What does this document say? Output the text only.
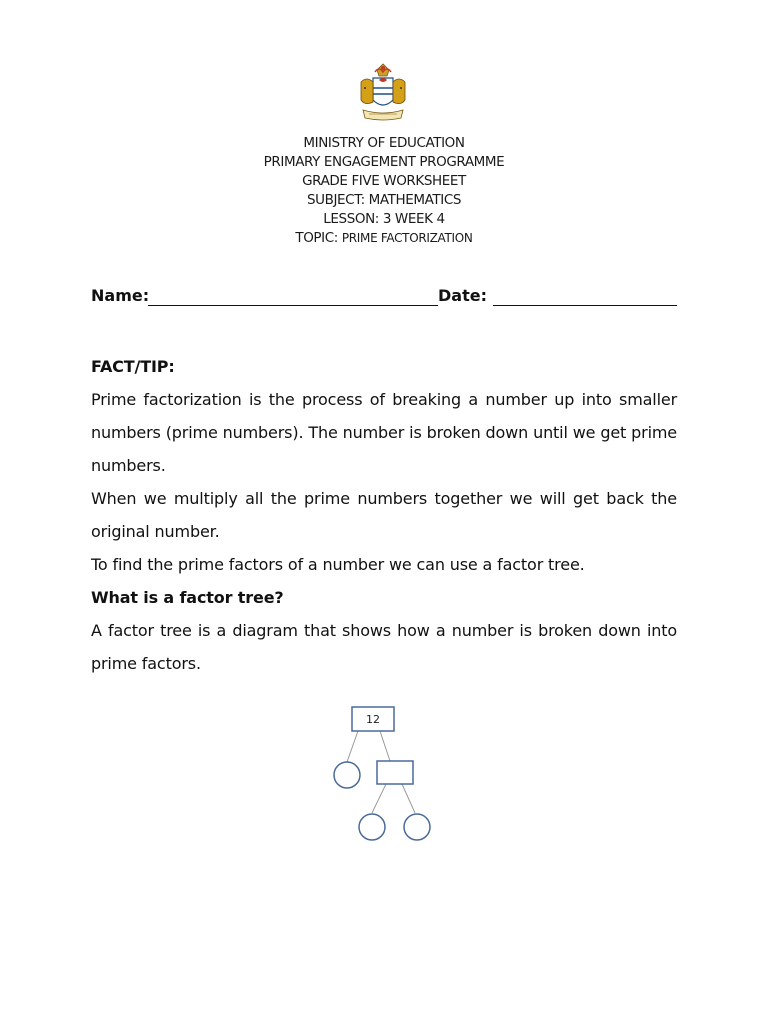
MINISTRY OF EDUCATION
PRIMARY ENGAGEMENT PROGRAMME
GRADE FIVE WORKSHEET
SUBJECT: MATHEMATICS
LESSON: 3 WEEK 4
TOPIC: PRIME FACTORIZATION
Name:	Date:

FACT/TIP:

Prime factorization is the process of breaking a number up into smaller numbers (prime numbers). The number is broken down until we get prime numbers.

When we multiply all the prime numbers together we will get back the original number.

To find the prime factors of a number we can use a factor tree.

What is a factor tree?

A factor tree is a diagram that shows how a number is broken down into prime factors.

12
